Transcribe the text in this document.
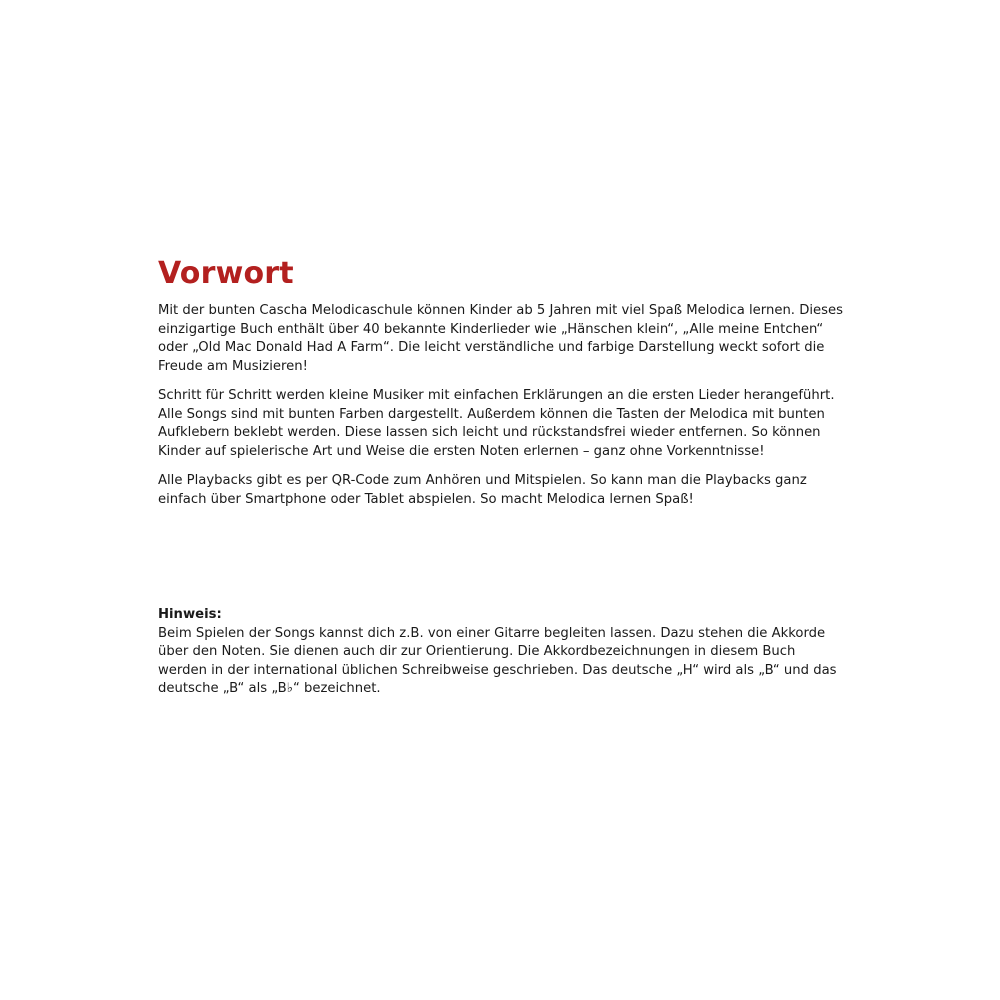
Vorwort

Mit der bunten Cascha Melodicaschule können Kinder ab 5 Jahren mit viel Spaß Melodica lernen. Dieses einzigartige Buch enthält über 40 bekannte Kinderlieder wie „Hänschen klein“, „Alle meine Entchen“ oder „Old Mac Donald Had A Farm“. Die leicht verständliche und farbige Darstellung weckt sofort die Freude am Musizieren!

Schritt für Schritt werden kleine Musiker mit einfachen Erklärungen an die ersten Lieder herangeführt. Alle Songs sind mit bunten Farben dargestellt. Außerdem können die Tasten der Melodica mit bunten Aufklebern beklebt werden. Diese lassen sich leicht und rückstandsfrei wieder entfernen. So können Kinder auf spielerische Art und Weise die ersten Noten erlernen – ganz ohne Vorkenntnisse!

Alle Playbacks gibt es per QR-Code zum Anhören und Mitspielen. So kann man die Playbacks ganz einfach über Smartphone oder Tablet abspielen. So macht Melodica lernen Spaß!

Hinweis:

Beim Spielen der Songs kannst dich z.B. von einer Gitarre begleiten lassen. Dazu stehen die Akkorde über den Noten. Sie dienen auch dir zur Orientierung. Die Akkordbezeichnungen in diesem Buch werden in der international üblichen Schreibweise geschrieben. Das deutsche „H“ wird als „B“ und das deutsche „B“ als „B♭“ bezeichnet.
